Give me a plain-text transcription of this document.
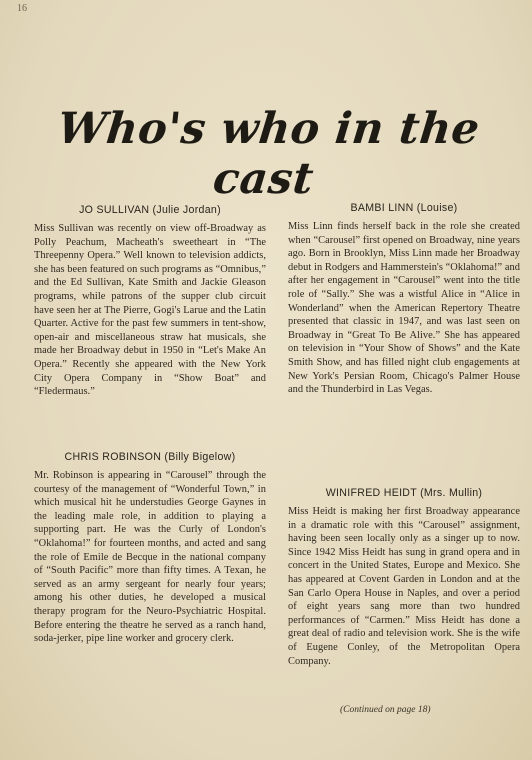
16
Who's who in the cast
JO SULLIVAN (Julie Jordan)

Miss Sullivan was recently on view off-Broadway as Polly Peachum, Macheath's sweetheart in “The Threepenny Opera.” Well known to television addicts, she has been featured on such programs as “Omnibus,” and the Ed Sullivan, Kate Smith and Jackie Gleason programs, while patrons of the supper club circuit have seen her at The Pierre, Gogi's Larue and the Latin Quarter. Active for the past few summers in tent-show, open-air and miscellaneous straw hat musicals, she made her Broadway debut in 1950 in “Let's Make An Opera.” Recently she appeared with the New York City Opera Company in “Show Boat” and “Fledermaus.”

CHRIS ROBINSON (Billy Bigelow)

Mr. Robinson is appearing in “Carousel” through the courtesy of the management of “Wonderful Town,” in which musical hit he understudies George Gaynes in the leading male role, in addition to playing a supporting part. He was the Curly of London's “Oklahoma!” for fourteen months, and acted and sang the role of Emile de Becque in the national company of “South Pacific” more than fifty times. A Texan, he served as an army sergeant for nearly four years; among his other duties, he developed a musical therapy program for the Neuro-Psychiatric Hospital. Before entering the theatre he served as a ranch hand, soda-jerker, pipe line worker and grocery clerk.

BAMBI LINN (Louise)

Miss Linn finds herself back in the role she created when “Carousel” first opened on Broadway, nine years ago. Born in Brooklyn, Miss Linn made her Broadway debut in Rodgers and Hammerstein's “Oklahoma!” and after her engagement in “Carousel” went into the title role of “Sally.” She was a wistful Alice in “Alice in Wonderland” when the American Repertory Theatre presented that classic in 1947, and was last seen on Broadway in “Great To Be Alive.” She has appeared on television in “Your Show of Shows” and the Kate Smith Show, and has filled night club engagements at New York's Persian Room, Chicago's Palmer House and the Thunderbird in Las Vegas.

WINIFRED HEIDT (Mrs. Mullin)

Miss Heidt is making her first Broadway appearance in a dramatic role with this “Carousel” assignment, having been seen locally only as a singer up to now. Since 1942 Miss Heidt has sung in grand opera and in concert in the United States, Europe and Mexico. She has appeared at Covent Garden in London and at the San Carlo Opera House in Naples, and over a period of eight years sang more than two hundred performances of “Carmen.” Miss Heidt has done a great deal of radio and television work. She is the wife of Eugene Conley, of the Metropolitan Opera Company.

(Continued on page 18)
